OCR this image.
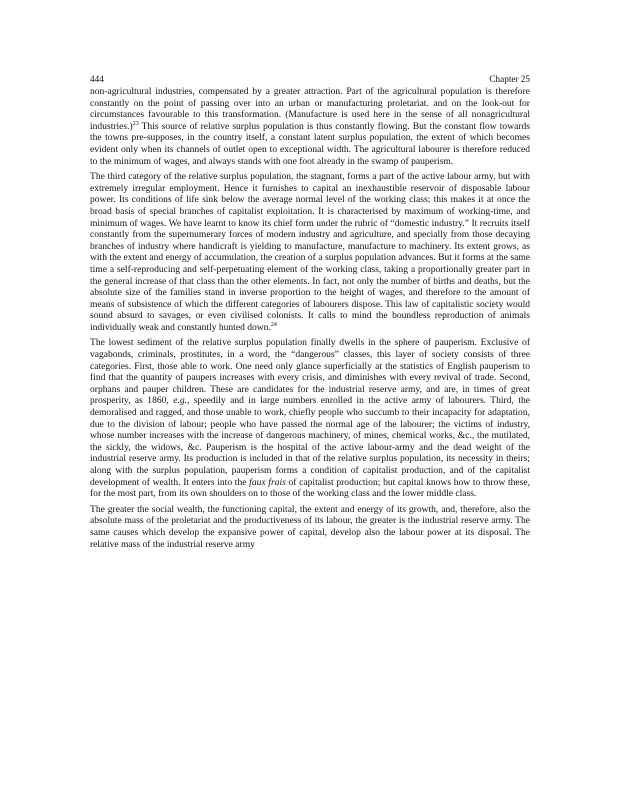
444	Chapter 25

non-agricultural industries, compensated by a greater attraction. Part of the agricultural population is therefore constantly on the point of passing over into an urban or manufacturing proletariat. and on the look-out for circumstances favourable to this transformation. (Manufacture is used here in the sense of all nonagricultural industries.)$^{23}$ This source of relative surplus population is thus constantly flowing. But the constant flow towards the towns pre-supposes, in the country itself, a constant latent surplus population, the extent of which becomes evident only when its channels of outlet open to exceptional width. The agricultural labourer is therefore reduced to the minimum of wages, and always stands with one foot already in the swamp of pauperism.

The third category of the relative surplus population, the stagnant, forms a part of the active labour army, but with extremely irregular employment. Hence it furnishes to capital an inexhaustible reservoir of disposable labour power. Its conditions of life sink below the average normal level of the working class; this makes it at once the broad basis of special branches of capitalist exploitation. It is characterised by maximum of working-time, and minimum of wages. We have learnt to know its chief form under the rubric of “domestic industry.” It recruits itself constantly from the supernumerary forces of modern industry and agriculture, and specially from those decaying branches of industry where handicraft is yielding to manufacture, manufacture to machinery. Its extent grows, as with the extent and energy of accumulation, the creation of a surplus population advances. But it forms at the same time a self-reproducing and self-perpetuating element of the working class, taking a proportionally greater part in the general increase of that class than the other elements. In fact, not only the number of births and deaths, but the absolute size of the families stand in inverse proportion to the height of wages, and therefore to the amount of means of subsistence of which the different categories of labourers dispose. This law of capitalistic society would sound absurd to savages, or even civilised colonists. It calls to mind the boundless reproduction of animals individually weak and constantly hunted down.$^{24}$

The lowest sediment of the relative surplus population finally dwells in the sphere of pauperism. Exclusive of vagabonds, criminals, prostitutes, in a word, the “dangerous” classes, this layer of society consists of three categories. First, those able to work. One need only glance superficially at the statistics of English pauperism to find that the quantity of paupers increases with every crisis, and diminishes with every revival of trade. Second, orphans and pauper children. These are candidates for the industrial reserve army, and are, in times of great prosperity, as 1860, e.g., speedily and in large numbers enrolled in the active army of labourers. Third, the demoralised and ragged, and those unable to work, chiefly people who succumb to their incapacity for adaptation, due to the division of labour; people who have passed the normal age of the labourer; the victims of industry, whose number increases with the increase of dangerous machinery, of mines, chemical works, &c., the mutilated, the sickly, the widows, &c. Pauperism is the hospital of the active labour-army and the dead weight of the industrial reserve army. Its production is included in that of the relative surplus population, its necessity in theirs; along with the surplus population, pauperism forms a condition of capitalist production, and of the capitalist development of wealth. It enters into the faux frais of capitalist production; but capital knows how to throw these, for the most part, from its own shoulders on to those of the working class and the lower middle class.

The greater the social wealth, the functioning capital, the extent and energy of its growth, and, therefore, also the absolute mass of the proletariat and the productiveness of its labour, the greater is the industrial reserve army. The same causes which develop the expansive power of capital, develop also the labour power at its disposal. The relative mass of the industrial reserve army
